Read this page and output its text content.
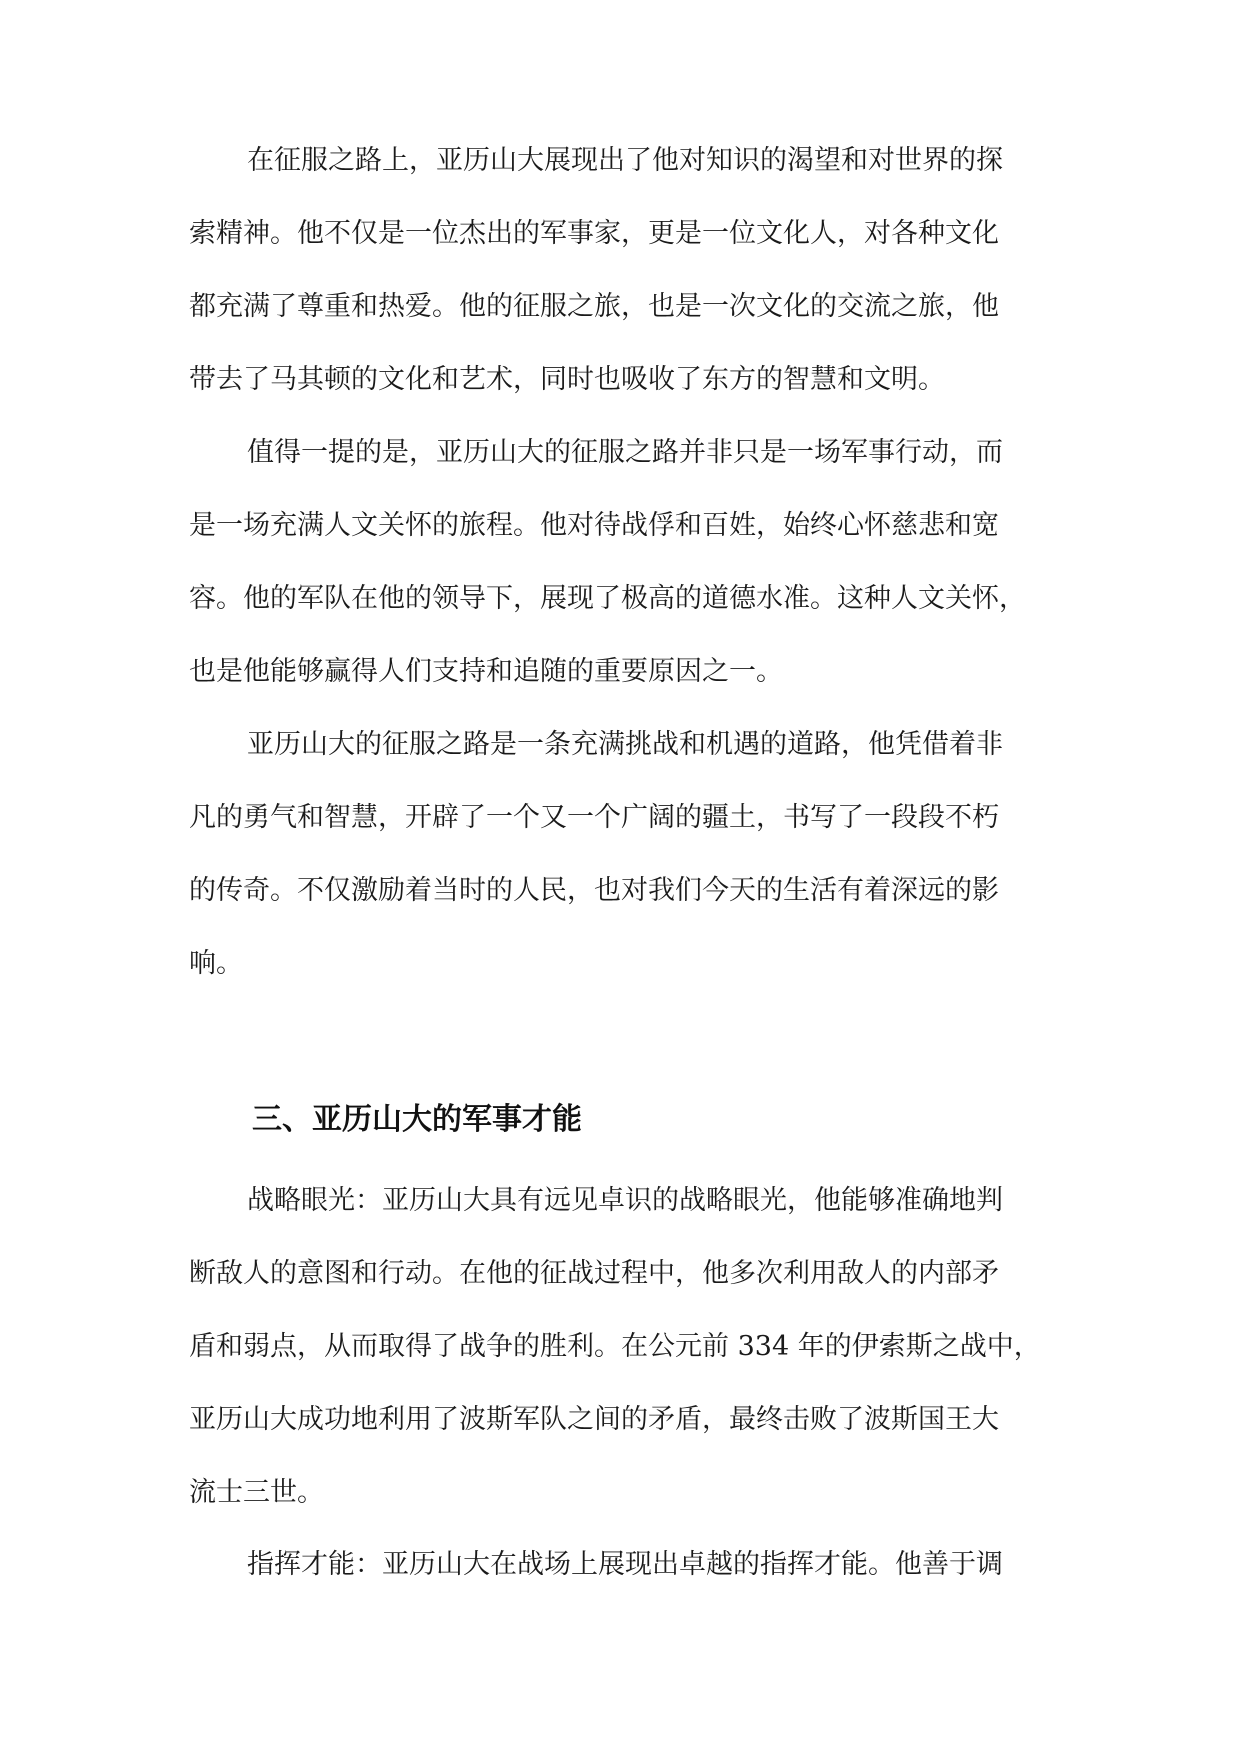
在征服之路上，亚历山大展现出了他对知识的渴望和对世界的探

索精神。他不仅是一位杰出的军事家，更是一位文化人，对各种文化

都充满了尊重和热爱。他的征服之旅，也是一次文化的交流之旅，他

带去了马其顿的文化和艺术，同时也吸收了东方的智慧和文明。

值得一提的是，亚历山大的征服之路并非只是一场军事行动，而

是一场充满人文关怀的旅程。他对待战俘和百姓，始终心怀慈悲和宽

容。他的军队在他的领导下，展现了极高的道德水准。这种人文关怀，

也是他能够赢得人们支持和追随的重要原因之一。

亚历山大的征服之路是一条充满挑战和机遇的道路，他凭借着非

凡的勇气和智慧，开辟了一个又一个广阔的疆土，书写了一段段不朽

的传奇。不仅激励着当时的人民，也对我们今天的生活有着深远的影

响。

三、亚历山大的军事才能

战略眼光：亚历山大具有远见卓识的战略眼光，他能够准确地判

断敌人的意图和行动。在他的征战过程中，他多次利用敌人的内部矛

盾和弱点，从而取得了战争的胜利。在公元前 334 年的伊索斯之战中，

亚历山大成功地利用了波斯军队之间的矛盾，最终击败了波斯国王大

流士三世。

指挥才能：亚历山大在战场上展现出卓越的指挥才能。他善于调
